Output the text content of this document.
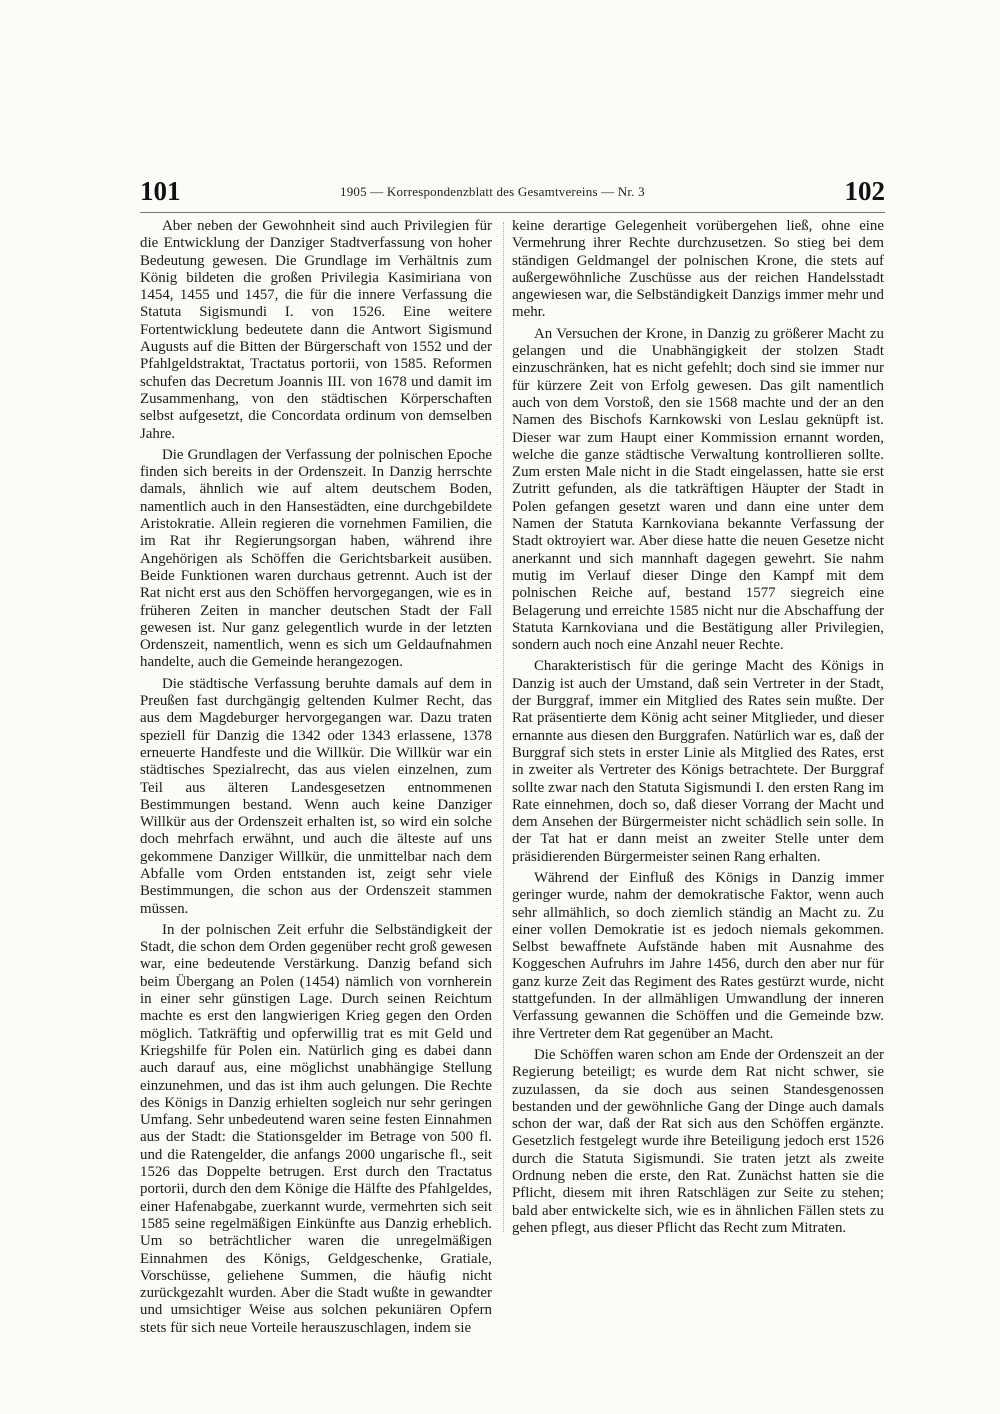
101	1905 — Korrespondenzblatt des Gesamtvereins — Nr. 3	102

Aber neben der Gewohnheit sind auch Privilegien für die Entwicklung der Danziger Stadtverfassung von hoher Bedeutung gewesen. Die Grundlage im Verhältnis zum König bildeten die großen Privilegia Kasimiriana von 1454, 1455 und 1457, die für die innere Verfassung die Statuta Sigismundi I. von 1526. Eine weitere Fortentwicklung bedeutete dann die Antwort Sigismund Augusts auf die Bitten der Bürgerschaft von 1552 und der Pfahlgeldstraktat, Tractatus portorii, von 1585. Reformen schufen das Decretum Joannis III. von 1678 und damit im Zusammenhang, von den städtischen Körperschaften selbst aufgesetzt, die Concordata ordinum von demselben Jahre.

Die Grundlagen der Verfassung der polnischen Epoche finden sich bereits in der Ordenszeit. In Danzig herrschte damals, ähnlich wie auf altem deutschem Boden, namentlich auch in den Hansestädten, eine durchgebildete Aristokratie. Allein regieren die vornehmen Familien, die im Rat ihr Regierungsorgan haben, während ihre Angehörigen als Schöffen die Gerichtsbarkeit ausüben. Beide Funktionen waren durchaus getrennt. Auch ist der Rat nicht erst aus den Schöffen hervorgegangen, wie es in früheren Zeiten in mancher deutschen Stadt der Fall gewesen ist. Nur ganz gelegentlich wurde in der letzten Ordenszeit, namentlich, wenn es sich um Geldaufnahmen handelte, auch die Gemeinde herangezogen.

Die städtische Verfassung beruhte damals auf dem in Preußen fast durchgängig geltenden Kulmer Recht, das aus dem Magdeburger hervorgegangen war. Dazu traten speziell für Danzig die 1342 oder 1343 erlassene, 1378 erneuerte Handfeste und die Willkür. Die Willkür war ein städtisches Spezialrecht, das aus vielen einzelnen, zum Teil aus älteren Landesgesetzen entnommenen Bestimmungen bestand. Wenn auch keine Danziger Willkür aus der Ordenszeit erhalten ist, so wird ein solche doch mehrfach erwähnt, und auch die älteste auf uns gekommene Danziger Willkür, die unmittelbar nach dem Abfalle vom Orden entstanden ist, zeigt sehr viele Bestimmungen, die schon aus der Ordenszeit stammen müssen.

In der polnischen Zeit erfuhr die Selbständigkeit der Stadt, die schon dem Orden gegenüber recht groß gewesen war, eine bedeutende Verstärkung. Danzig befand sich beim Übergang an Polen (1454) nämlich von vornherein in einer sehr günstigen Lage. Durch seinen Reichtum machte es erst den langwierigen Krieg gegen den Orden möglich. Tatkräftig und opferwillig trat es mit Geld und Kriegshilfe für Polen ein. Natürlich ging es dabei dann auch darauf aus, eine möglichst unabhängige Stellung einzunehmen, und das ist ihm auch gelungen. Die Rechte des Königs in Danzig erhielten sogleich nur sehr geringen Umfang. Sehr unbedeutend waren seine festen Einnahmen aus der Stadt: die Stationsgelder im Betrage von 500 fl. und die Ratengelder, die anfangs 2000 ungarische fl., seit 1526 das Doppelte betrugen. Erst durch den Tractatus portorii, durch den dem Könige die Hälfte des Pfahlgeldes, einer Hafenabgabe, zuerkannt wurde, vermehrten sich seit 1585 seine regelmäßigen Einkünfte aus Danzig erheblich. Um so beträchtlicher waren die unregelmäßigen Einnahmen des Königs, Geldgeschenke, Gratiale, Vorschüsse, geliehene Summen, die häufig nicht zurückgezahlt wurden. Aber die Stadt wußte in gewandter und umsichtiger Weise aus solchen pekuniären Opfern stets für sich neue Vorteile herauszuschlagen, indem sie

keine derartige Gelegenheit vorübergehen ließ, ohne eine Vermehrung ihrer Rechte durchzusetzen. So stieg bei dem ständigen Geldmangel der polnischen Krone, die stets auf außergewöhnliche Zuschüsse aus der reichen Handelsstadt angewiesen war, die Selbständigkeit Danzigs immer mehr und mehr.

An Versuchen der Krone, in Danzig zu größerer Macht zu gelangen und die Unabhängigkeit der stolzen Stadt einzuschränken, hat es nicht gefehlt; doch sind sie immer nur für kürzere Zeit von Erfolg gewesen. Das gilt namentlich auch von dem Vorstoß, den sie 1568 machte und der an den Namen des Bischofs Karnkowski von Leslau geknüpft ist. Dieser war zum Haupt einer Kommission ernannt worden, welche die ganze städtische Verwaltung kontrollieren sollte. Zum ersten Male nicht in die Stadt eingelassen, hatte sie erst Zutritt gefunden, als die tatkräftigen Häupter der Stadt in Polen gefangen gesetzt waren und dann eine unter dem Namen der Statuta Karnkoviana bekannte Verfassung der Stadt oktroyiert war. Aber diese hatte die neuen Gesetze nicht anerkannt und sich mannhaft dagegen gewehrt. Sie nahm mutig im Verlauf dieser Dinge den Kampf mit dem polnischen Reiche auf, bestand 1577 siegreich eine Belagerung und erreichte 1585 nicht nur die Abschaffung der Statuta Karnkoviana und die Bestätigung aller Privilegien, sondern auch noch eine Anzahl neuer Rechte.

Charakteristisch für die geringe Macht des Königs in Danzig ist auch der Umstand, daß sein Vertreter in der Stadt, der Burggraf, immer ein Mitglied des Rates sein mußte. Der Rat präsentierte dem König acht seiner Mitglieder, und dieser ernannte aus diesen den Burggrafen. Natürlich war es, daß der Burggraf sich stets in erster Linie als Mitglied des Rates, erst in zweiter als Vertreter des Königs betrachtete. Der Burggraf sollte zwar nach den Statuta Sigismundi I. den ersten Rang im Rate einnehmen, doch so, daß dieser Vorrang der Macht und dem Ansehen der Bürgermeister nicht schädlich sein solle. In der Tat hat er dann meist an zweiter Stelle unter dem präsidierenden Bürgermeister seinen Rang erhalten.

Während der Einfluß des Königs in Danzig immer geringer wurde, nahm der demokratische Faktor, wenn auch sehr allmählich, so doch ziemlich ständig an Macht zu. Zu einer vollen Demokratie ist es jedoch niemals gekommen. Selbst bewaffnete Aufstände haben mit Ausnahme des Koggeschen Aufruhrs im Jahre 1456, durch den aber nur für ganz kurze Zeit das Regiment des Rates gestürzt wurde, nicht stattgefunden. In der allmähligen Umwandlung der inneren Verfassung gewannen die Schöffen und die Gemeinde bzw. ihre Vertreter dem Rat gegenüber an Macht.

Die Schöffen waren schon am Ende der Ordenszeit an der Regierung beteiligt; es wurde dem Rat nicht schwer, sie zuzulassen, da sie doch aus seinen Standesgenossen bestanden und der gewöhnliche Gang der Dinge auch damals schon der war, daß der Rat sich aus den Schöffen ergänzte. Gesetzlich festgelegt wurde ihre Beteiligung jedoch erst 1526 durch die Statuta Sigismundi. Sie traten jetzt als zweite Ordnung neben die erste, den Rat. Zunächst hatten sie die Pflicht, diesem mit ihren Ratschlägen zur Seite zu stehen; bald aber entwickelte sich, wie es in ähnlichen Fällen stets zu gehen pflegt, aus dieser Pflicht das Recht zum Mitraten.
